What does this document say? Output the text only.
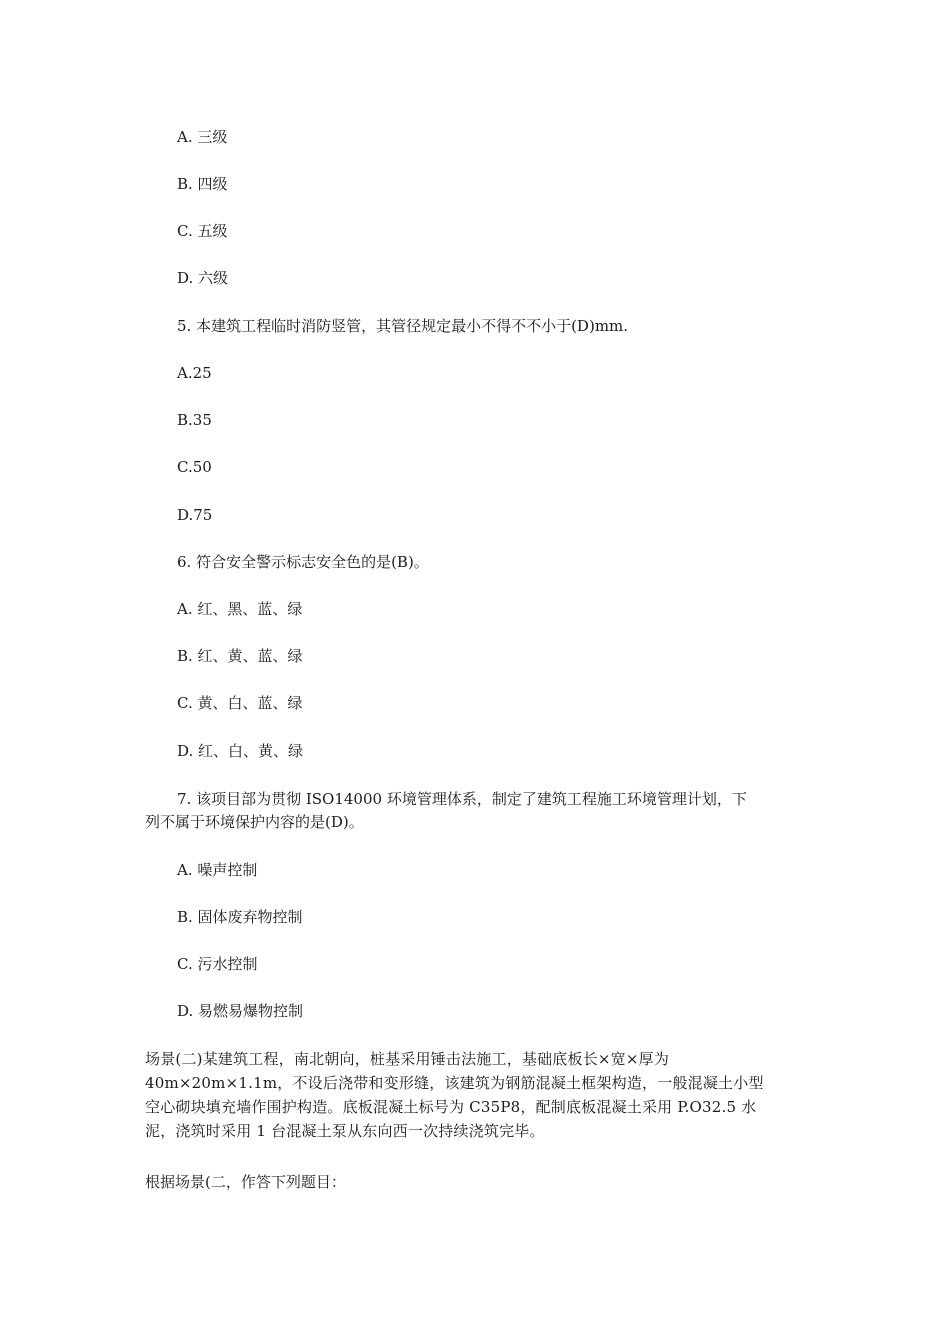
A. 三级
B. 四级
C. 五级
D. 六级
5. 本建筑工程临时消防竖管，其管径规定最小不得不不小于(D)mm.
A.25
B.35
C.50
D.75
6. 符合安全警示标志安全色的是(B)。
A. 红、黑、蓝、绿
B. 红、黄、蓝、绿
C. 黄、白、蓝、绿
D. 红、白、黄、绿
7. 该项目部为贯彻 ISO14000 环境管理体系，制定了建筑工程施工环境管理计划，下
列不属于环境保护内容的是(D)。
A. 噪声控制
B. 固体废弃物控制
C. 污水控制
D. 易燃易爆物控制
场景(二)某建筑工程，南北朝向，桩基采用锤击法施工，基础底板长×宽×厚为
40m×20m×1.1m，不设后浇带和变形缝，该建筑为钢筋混凝土框架构造，一般混凝土小型
空心砌块填充墙作围护构造。底板混凝土标号为 C35P8，配制底板混凝土采用 P.O32.5 水
泥，浇筑时采用 1 台混凝土泵从东向西一次持续浇筑完毕。
根据场景(二，作答下列题目：
